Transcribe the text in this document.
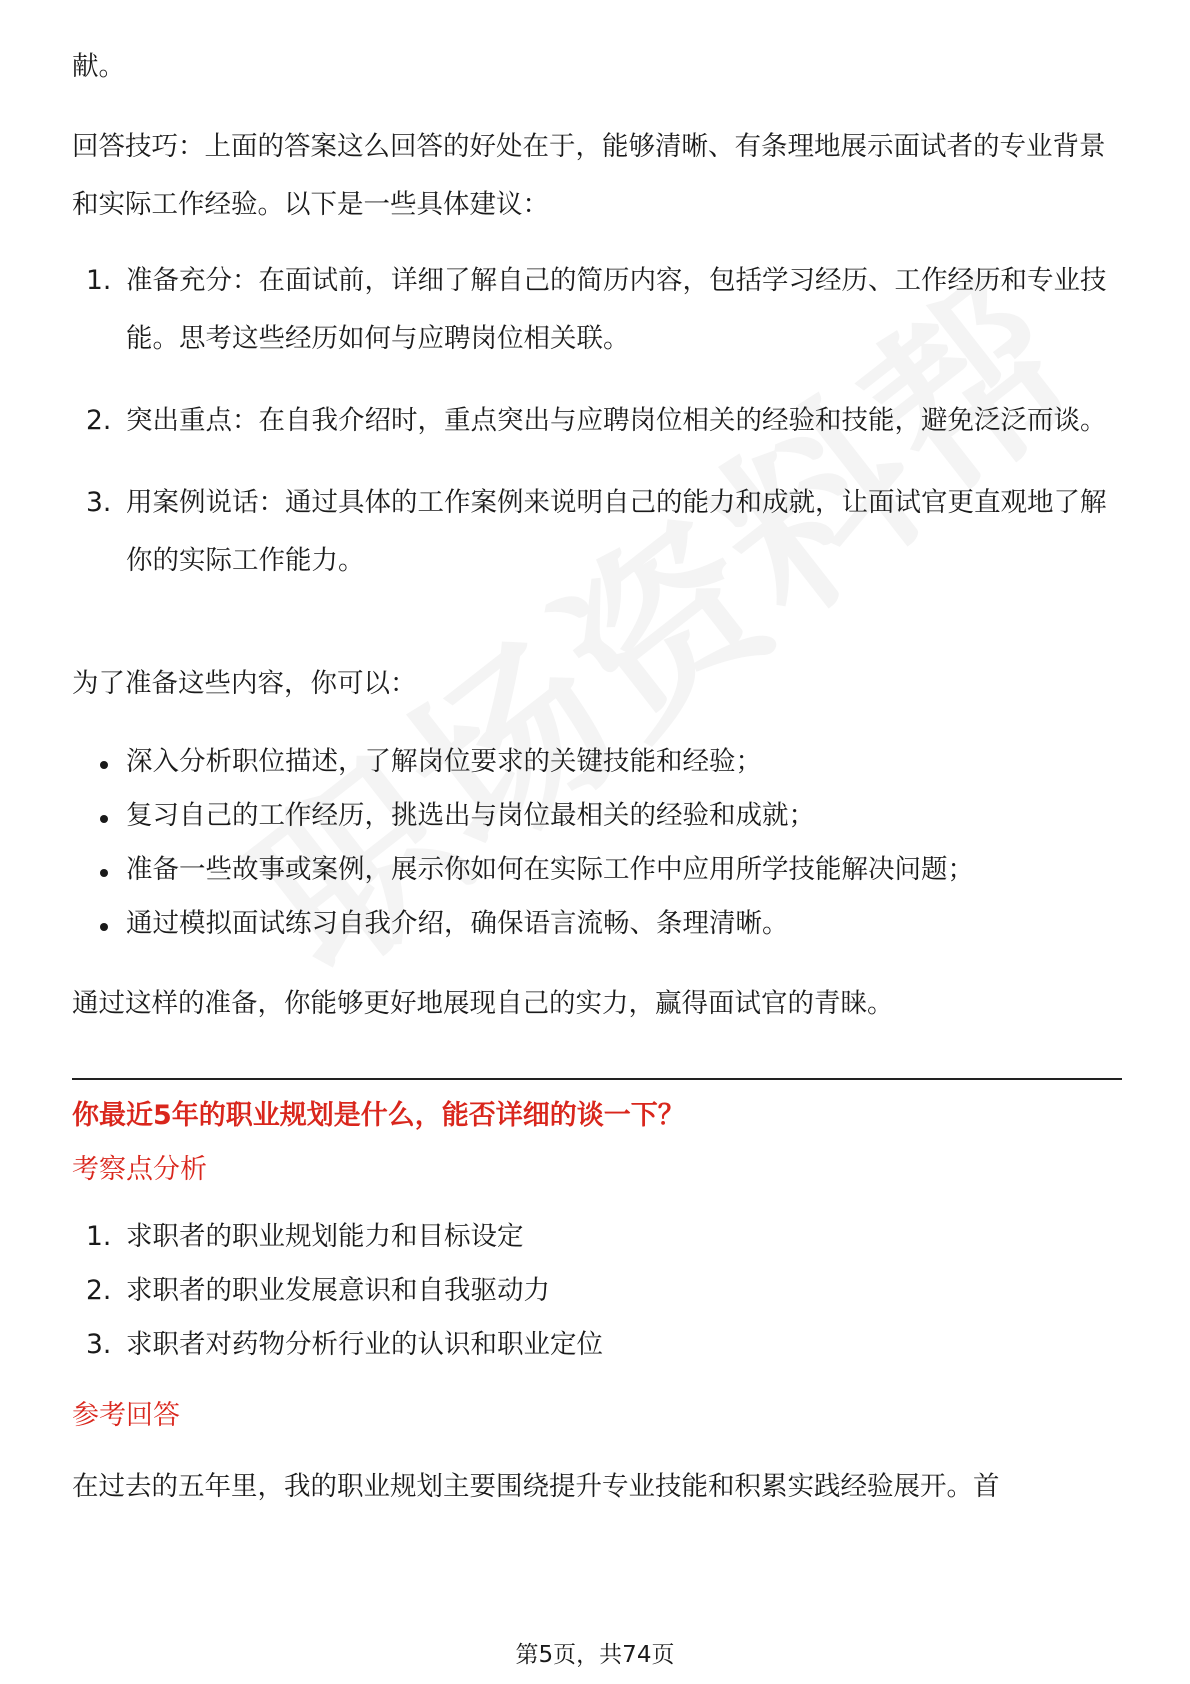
献。

回答技巧：上面的答案这么回答的好处在于，能够清晰、有条理地展示面试者的专业背景和实际工作经验。以下是一些具体建议：

1. 准备充分：在面试前，详细了解自己的简历内容，包括学习经历、工作经历和专业技能。思考这些经历如何与应聘岗位相关联。
2. 突出重点：在自我介绍时，重点突出与应聘岗位相关的经验和技能，避免泛泛而谈。
3. 用案例说话：通过具体的工作案例来说明自己的能力和成就，让面试官更直观地了解你的实际工作能力。

为了准备这些内容，你可以：

深入分析职位描述，了解岗位要求的关键技能和经验；
复习自己的工作经历，挑选出与岗位最相关的经验和成就；
准备一些故事或案例，展示你如何在实际工作中应用所学技能解决问题；
通过模拟面试练习自我介绍，确保语言流畅、条理清晰。

通过这样的准备，你能够更好地展现自己的实力，赢得面试官的青睐。

你最近5年的职业规划是什么，能否详细的谈一下？
考察点分析
1. 求职者的职业规划能力和目标设定
2. 求职者的职业发展意识和自我驱动力
3. 求职者对药物分析行业的认识和职业定位
参考回答

在过去的五年里，我的职业规划主要围绕提升专业技能和积累实践经验展开。首

第5页，共74页
